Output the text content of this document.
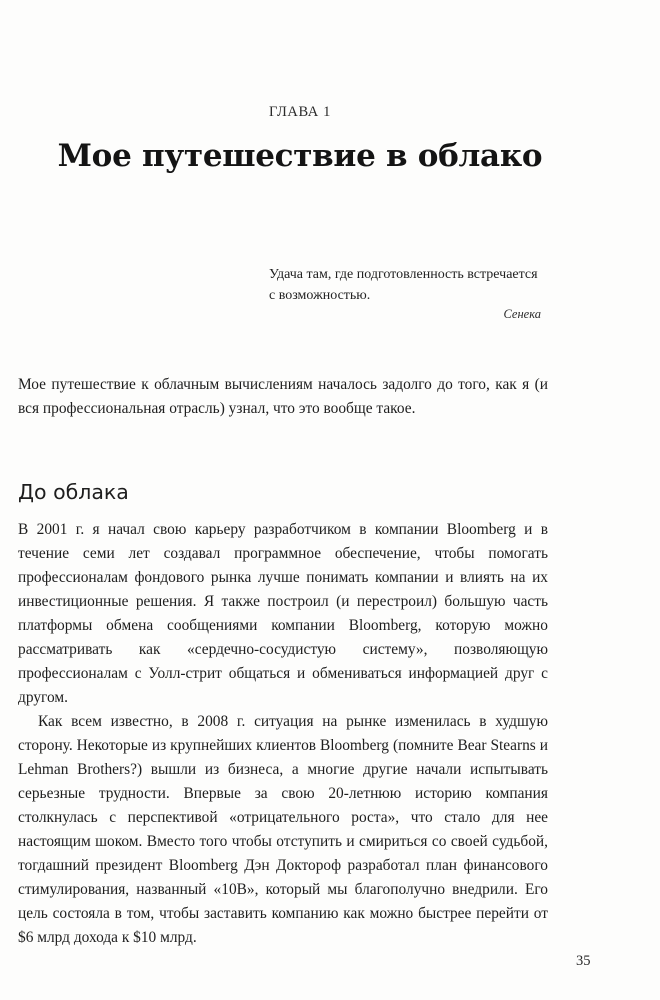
ГЛАВА 1
Мое путешествие в облако
Удача там, где подготовленность встречается с возможностью.
Сенека

Мое путешествие к облачным вычислениям началось задолго до того, как я (и вся профессиональная отрасль) узнал, что это вообще такое.

До облака

В 2001 г. я начал свою карьеру разработчиком в компании Bloomberg и в течение семи лет создавал программное обеспечение, чтобы помогать профессионалам фондового рынка лучше понимать компании и влиять на их инвестиционные решения. Я также построил (и перестроил) большую часть платформы обмена сообщениями компании Bloomberg, которую можно рассматривать как «сердечно-сосудистую систему», позволяющую профессионалам с Уолл-стрит общаться и обмениваться информацией друг с другом.

Как всем известно, в 2008 г. ситуация на рынке изменилась в худшую сторону. Некоторые из крупнейших клиентов Bloomberg (помните Bear Stearns и Lehman Brothers?) вышли из бизнеса, а многие другие начали испытывать серьезные трудности. Впервые за свою 20-летнюю историю компания столкнулась с перспективой «отрицательного роста», что стало для нее настоящим шоком. Вместо того чтобы отступить и смириться со своей судьбой, тогдашний президент Bloomberg Дэн Доктороф разработал план финансового стимулирования, названный «10B», который мы благополучно внедрили. Его цель состояла в том, чтобы заставить компанию как можно быстрее перейти от $6 млрд дохода к $10 млрд.

35
